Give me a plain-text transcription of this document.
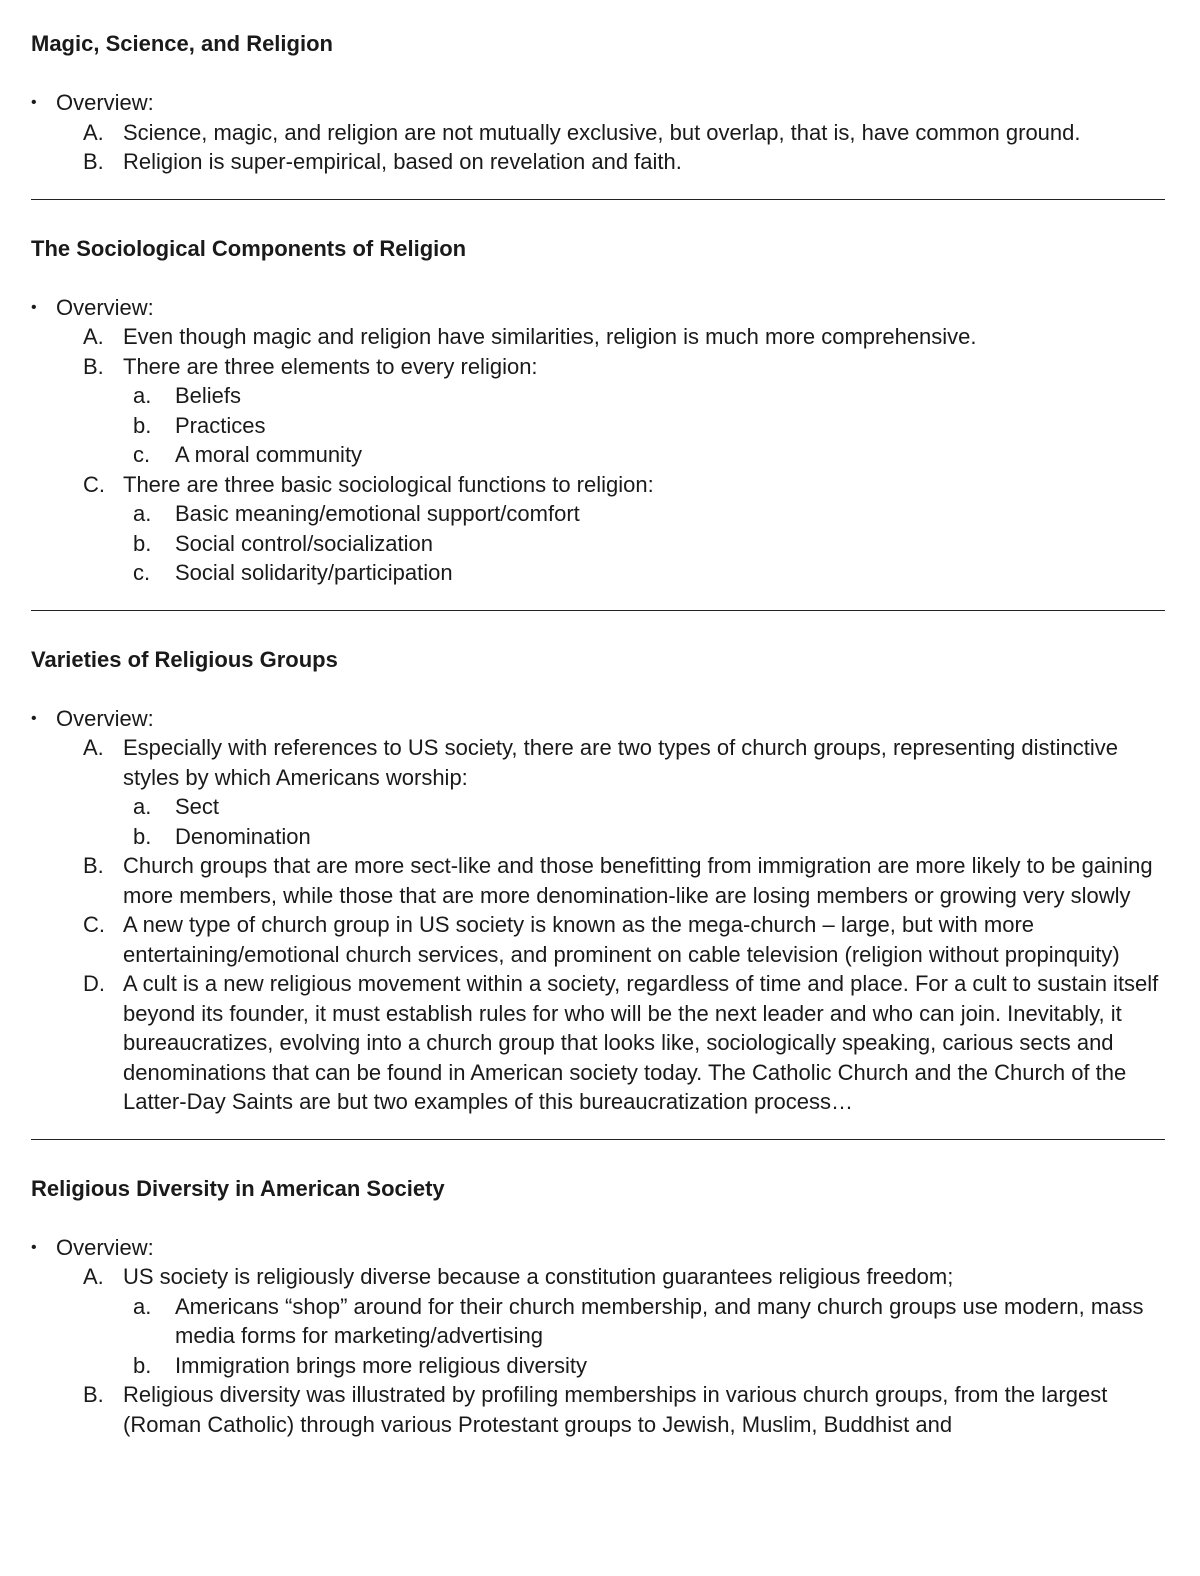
Magic, Science, and Religion
• Overview:
A. Science, magic, and religion are not mutually exclusive, but overlap, that is, have common ground.
B. Religion is super-empirical, based on revelation and faith.
The Sociological Components of Religion
• Overview:
A. Even though magic and religion have similarities, religion is much more comprehensive.
B. There are three elements to every religion:
a.	Beliefs
b.	Practices
c.	A moral community
C. There are three basic sociological functions to religion:
a.	Basic meaning/emotional support/comfort
b.	Social control/socialization
c.	Social solidarity/participation
Varieties of Religious Groups
• Overview:
A. Especially with references to US society, there are two types of church groups, representing distinctive styles by which Americans worship:
a.	Sect
b.	Denomination
B. Church groups that are more sect-like and those benefitting from immigration are more likely to be gaining more members, while those that are more denomination-like are losing members or growing very slowly
C. A new type of church group in US society is known as the mega-church – large, but with more entertaining/emotional church services, and prominent on cable television (religion without propinquity)
D. A cult is a new religious movement within a society, regardless of time and place. For a cult to sustain itself beyond its founder, it must establish rules for who will be the next leader and who can join. Inevitably, it bureaucratizes, evolving into a church group that looks like, sociologically speaking, carious sects and denominations that can be found in American society today. The Catholic Church and the Church of the Latter-Day Saints are but two examples of this bureaucratization process…
Religious Diversity in American Society
• Overview:
A. US society is religiously diverse because a constitution guarantees religious freedom;
a.	Americans “shop” around for their church membership, and many church groups use modern, mass media forms for marketing/advertising
b.	Immigration brings more religious diversity
B. Religious diversity was illustrated by profiling memberships in various church groups, from the largest (Roman Catholic) through various Protestant groups to Jewish, Muslim, Buddhist and
